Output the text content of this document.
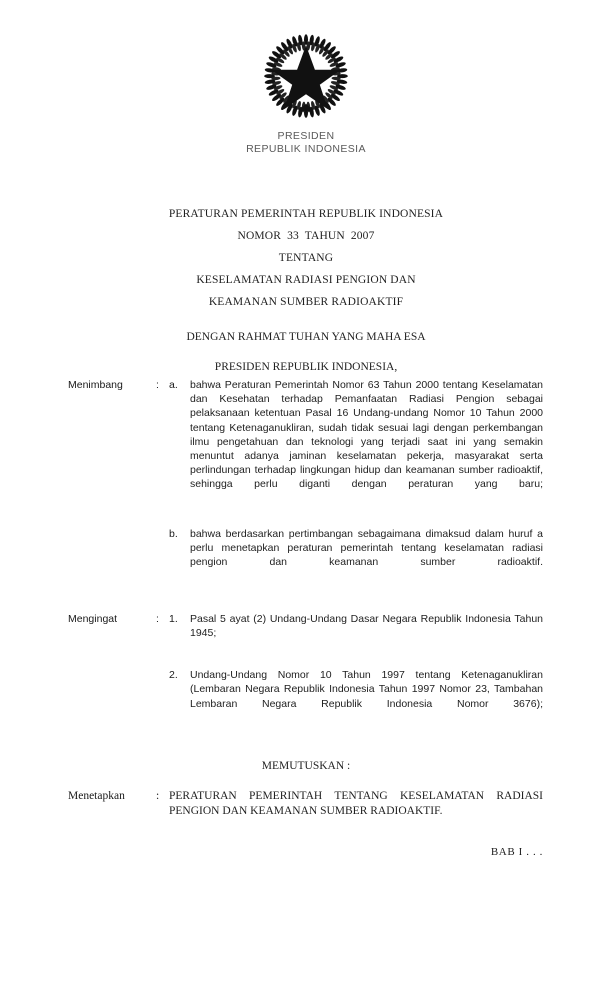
PRESIDEN
REPUBLIK INDONESIA
PERATURAN PEMERINTAH REPUBLIK INDONESIA
NOMOR  33  TAHUN  2007
TENTANG
KESELAMATAN RADIASI PENGION DAN
KEAMANAN SUMBER RADIOAKTIF
DENGAN RAHMAT TUHAN YANG MAHA ESA
PRESIDEN REPUBLIK INDONESIA,
Menimbang	: a.	bahwa Peraturan Pemerintah Nomor 63 Tahun 2000 tentang Keselamatan dan Kesehatan terhadap Pemanfaatan Radiasi Pengion sebagai pelaksanaan ketentuan Pasal 16 Undang-undang Nomor 10 Tahun 2000 tentang Ketenaganukliran, sudah tidak sesuai lagi dengan perkembangan ilmu pengetahuan dan teknologi yang terjadi saat ini yang semakin menuntut adanya jaminan keselamatan pekerja, masyarakat serta perlindungan terhadap lingkungan hidup dan keamanan sumber radioaktif, sehingga perlu diganti dengan peraturan yang baru;
b.	bahwa berdasarkan pertimbangan sebagaimana dimaksud dalam huruf a perlu menetapkan peraturan pemerintah tentang keselamatan radiasi pengion dan keamanan sumber radioaktif.
Mengingat	: 1.	Pasal 5 ayat (2) Undang-Undang Dasar Negara Republik Indonesia Tahun 1945;
2.	Undang-Undang Nomor 10 Tahun 1997 tentang Ketenaganukliran (Lembaran Negara Republik Indonesia Tahun 1997 Nomor 23, Tambahan Lembaran Negara Republik Indonesia Nomor 3676);
MEMUTUSKAN :
Menetapkan	: PERATURAN PEMERINTAH TENTANG KESELAMATAN RADIASI PENGION DAN KEAMANAN SUMBER RADIOAKTIF.
BAB I . . .
